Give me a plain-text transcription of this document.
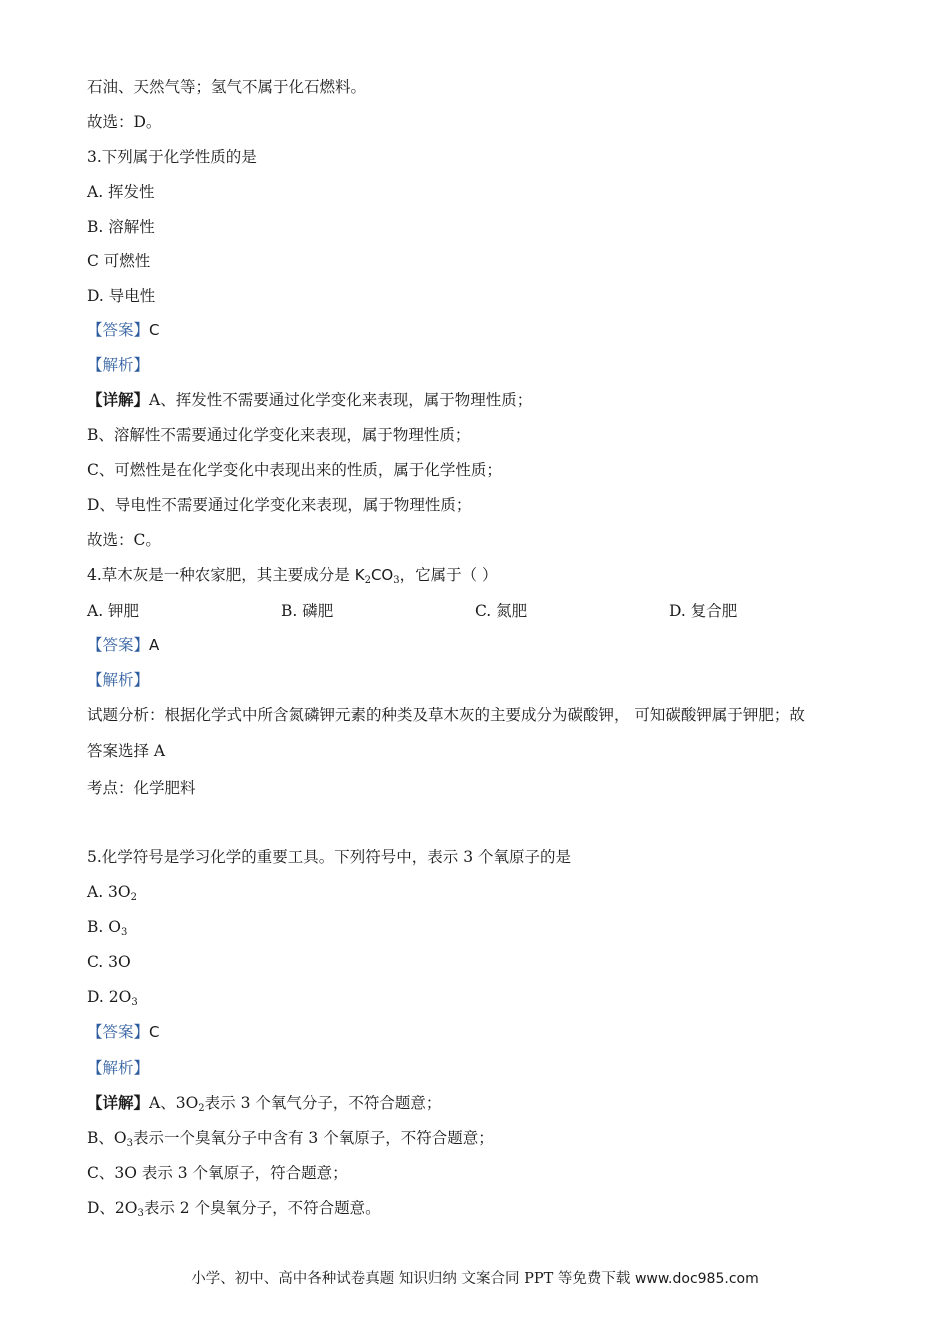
石油、天然气等；氢气不属于化石燃料。
故选：D。
3.下列属于化学性质的是
A. 挥发性
B. 溶解性
C 可燃性
D. 导电性
【答案】C
【解析】
【详解】A、挥发性不需要通过化学变化来表现，属于物理性质；
B、溶解性不需要通过化学变化来表现，属于物理性质；
C、可燃性是在化学变化中表现出来的性质，属于化学性质；
D、导电性不需要通过化学变化来表现，属于物理性质；
故选：C。
4.草木灰是一种农家肥，其主要成分是 $K_2CO_3$，它属于（ ）
A. 钾肥	B. 磷肥	C. 氮肥	D. 复合肥
【答案】A
【解析】
试题分析：根据化学式中所含氮磷钾元素的种类及草木灰的主要成分为碳酸钾， 可知碳酸钾属于钾肥；故
答案选择 A
考点：化学肥料
5.化学符号是学习化学的重要工具。下列符号中，表示 3 个氧原子的是
A. $3O_2$
B. $O_3$
C. 3O
D. $2O_3$
【答案】C
【解析】
【详解】A、$3O_2$表示 3 个氧气分子，不符合题意；
B、$O_3$表示一个臭氧分子中含有 3 个氧原子，不符合题意；
C、3O 表示 3 个氧原子，符合题意；
D、$2O_3$表示 2 个臭氧分子，不符合题意。
小学、初中、高中各种试卷真题 知识归纳 文案合同 PPT 等免费下载 www.doc985.com
